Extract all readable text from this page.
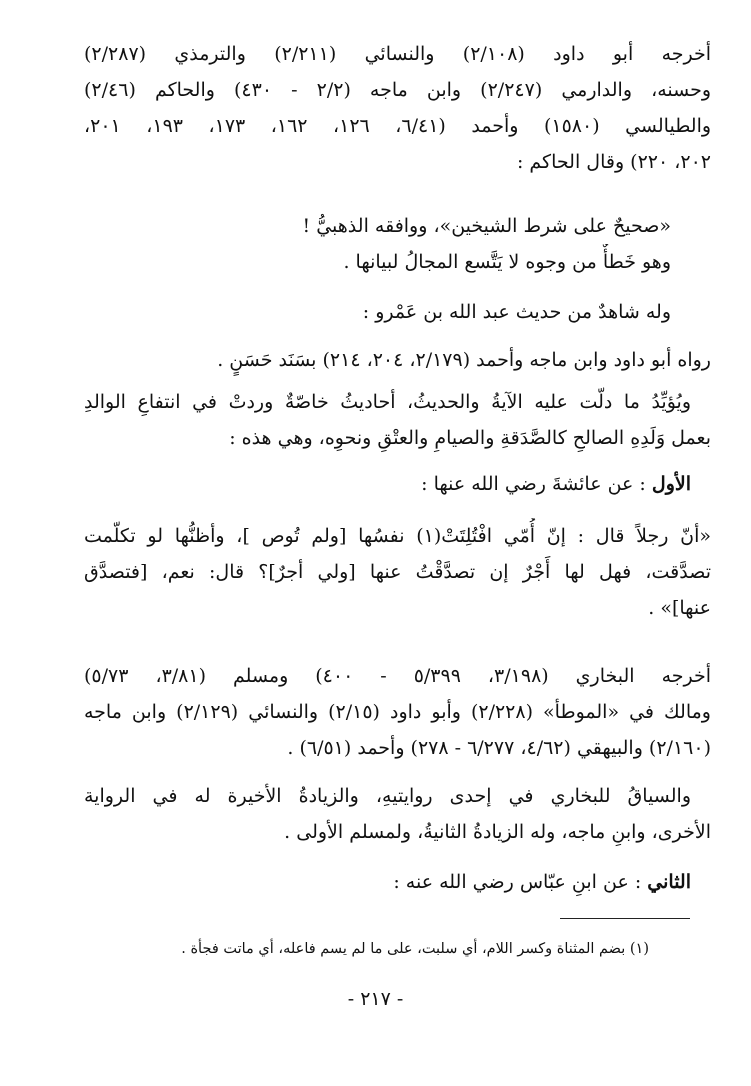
أخرجه أبو داود (٢/١٠٨) والنسائي (٢/٢١١) والترمذي (٢/٢٨٧)
وحسنه، والدارمي (٢/٢٤٧) وابن ماجه (٢/٢ - ٤٣٠) والحاكم (٢/٤٦)
والطيالسي (١٥٨٠) وأحمد (٦/٤١، ١٢٦، ١٦٢، ١٧٣، ١٩٣، ٢٠١،
٢٠٢، ٢٢٠) وقال الحاكم :
«صحيحٌ على شرط الشيخين»، ووافقه الذهبيُّ !
وهو خَطأٌ من وجوه لا يَتَّسع المجالُ لبيانها .
وله شاهدٌ من حديث عبد الله بن عَمْرو :
رواه أبو داود وابن ماجه وأحمد (٢/١٧٩، ٢٠٤، ٢١٤) بسَنَد حَسَنٍ .
ويُؤيِّدُ ما دلّت عليه الآيةُ والحديثُ، أحاديثُ خاصّةٌ وردتْ في انتفاعِ الوالدِ
بعمل وَلَدِهِ الصالحِ كالصَّدَقةِ والصيامِ والعتْقِ ونحوِه، وهي هذه :
الأول : عن عائشةَ رضي الله عنها :
«أنّ رجلاً قال : إنّ أُمّي افْتُلِتَتْ(١) نفسُها [ولم تُوص ]، وأظنُّها لو تكلّمت
تصدَّقت، فهل لها أَجْرٌ إن تصدَّقْتُ عنها [ولي أجرٌ]؟ قال: نعم، [فتصدَّق
عنها]» .
أخرجه البخاري (٣/١٩٨، ٥/٣٩٩ - ٤٠٠) ومسلم (٣/٨١، ٥/٧٣)
ومالك في «الموطأ» (٢/٢٢٨) وأبو داود (٢/١٥) والنسائي (٢/١٢٩) وابن ماجه
(٢/١٦٠) والبيهقي (٤/٦٢، ٦/٢٧٧ - ٢٧٨) وأحمد (٦/٥١) .
والسياقُ للبخاري في إحدى روايتيهِ، والزيادةُ الأخيرة له في الرواية
الأخرى، وابنِ ماجه، وله الزيادةُ الثانيةُ، ولمسلم الأولى .
الثاني : عن ابنِ عبّاس رضي الله عنه :
(١) بضم المثناة وكسر اللام، أي سلبت، على ما لم يسم فاعله، أي ماتت فجأة .
- ٢١٧ -
